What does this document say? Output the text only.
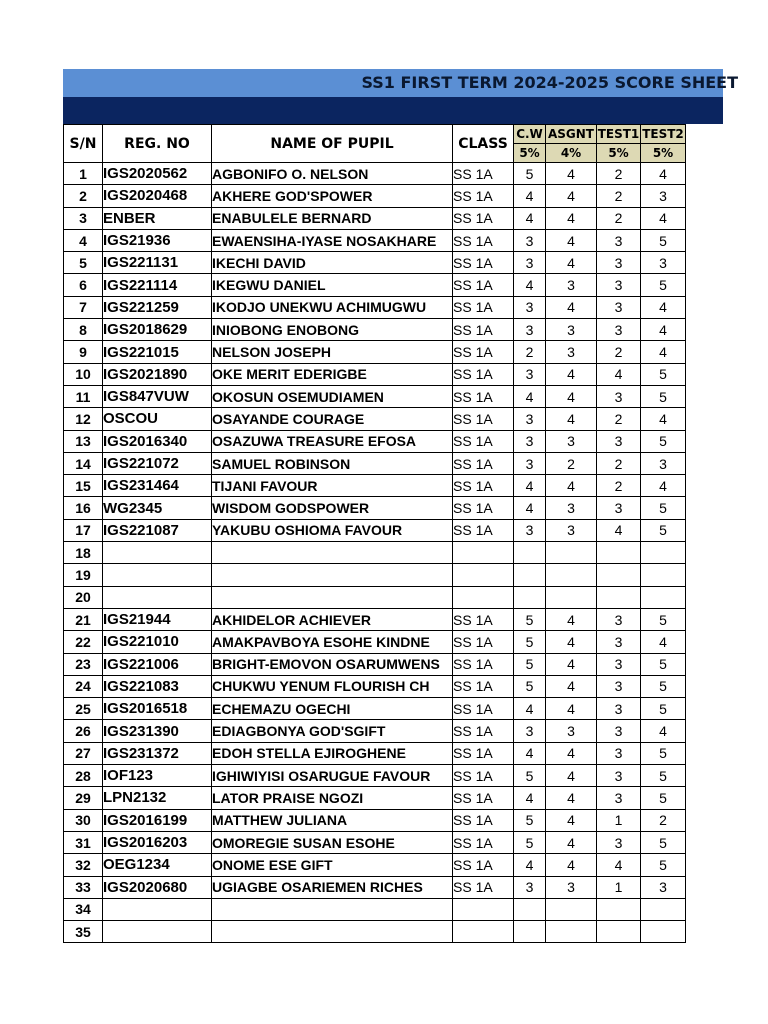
SS1 FIRST TERM 2024-2025 SCORE SHEET
S/N	REG. NO	NAME OF PUPIL	CLASS	C.W	ASGNT	TEST1	TEST2
				5%	4%	5%	5%
1	IGS2020562	AGBONIFO O. NELSON	SS 1A	5	4	2	4
2	IGS2020468	AKHERE GOD'SPOWER	SS 1A	4	4	2	3
3	ENBER	ENABULELE BERNARD	SS 1A	4	4	2	4
4	IGS21936	EWAENSIHA-IYASE NOSAKHARE	SS 1A	3	4	3	5
5	IGS221131	IKECHI DAVID	SS 1A	3	4	3	3
6	IGS221114	IKEGWU DANIEL	SS 1A	4	3	3	5
7	IGS221259	IKODJO UNEKWU ACHIMUGWU	SS 1A	3	4	3	4
8	IGS2018629	INIOBONG ENOBONG	SS 1A	3	3	3	4
9	IGS221015	NELSON JOSEPH	SS 1A	2	3	2	4
10	IGS2021890	OKE MERIT EDERIGBE	SS 1A	3	4	4	5
11	IGS847VUW	OKOSUN OSEMUDIAMEN	SS 1A	4	4	3	5
12	OSCOU	OSAYANDE COURAGE	SS 1A	3	4	2	4
13	IGS2016340	OSAZUWA TREASURE EFOSA	SS 1A	3	3	3	5
14	IGS221072	SAMUEL ROBINSON	SS 1A	3	2	2	3
15	IGS231464	TIJANI FAVOUR	SS 1A	4	4	2	4
16	WG2345	WISDOM GODSPOWER	SS 1A	4	3	3	5
17	IGS221087	YAKUBU OSHIOMA FAVOUR	SS 1A	3	3	4	5
18							
19							
20							
21	IGS21944	AKHIDELOR ACHIEVER	SS 1A	5	4	3	5
22	IGS221010	AMAKPAVBOYA ESOHE KINDNE	SS 1A	5	4	3	4
23	IGS221006	BRIGHT-EMOVON OSARUMWENS	SS 1A	5	4	3	5
24	IGS221083	CHUKWU YENUM FLOURISH CH	SS 1A	5	4	3	5
25	IGS2016518	ECHEMAZU OGECHI	SS 1A	4	4	3	5
26	IGS231390	EDIAGBONYA GOD'SGIFT	SS 1A	3	3	3	4
27	IGS231372	EDOH STELLA EJIROGHENE	SS 1A	4	4	3	5
28	IOF123	IGHIWIYISI OSARUGUE FAVOUR	SS 1A	5	4	3	5
29	LPN2132	LATOR PRAISE NGOZI	SS 1A	4	4	3	5
30	IGS2016199	MATTHEW JULIANA	SS 1A	5	4	1	2
31	IGS2016203	OMOREGIE SUSAN ESOHE	SS 1A	5	4	3	5
32	OEG1234	ONOME ESE GIFT	SS 1A	4	4	4	5
33	IGS2020680	UGIAGBE OSARIEMEN RICHES	SS 1A	3	3	1	3
34							
35							
